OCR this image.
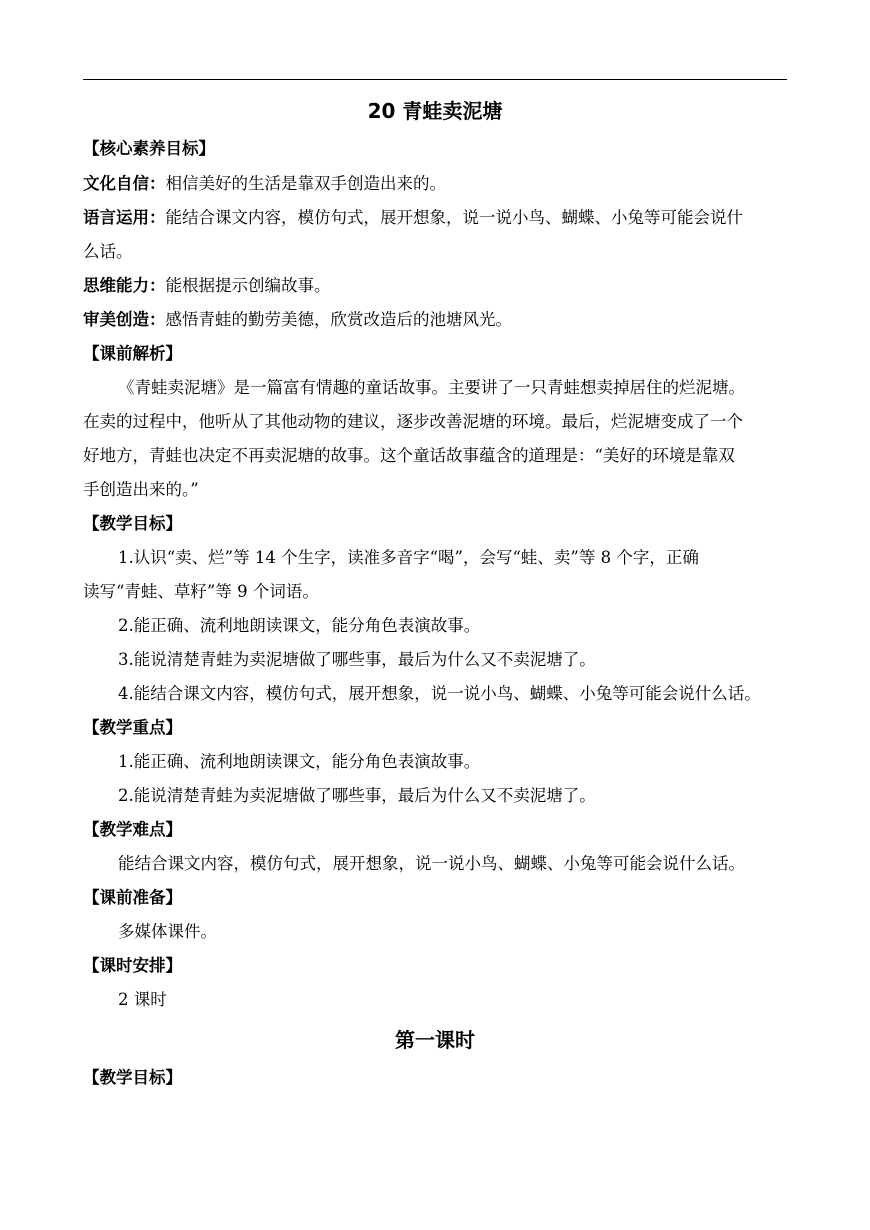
20 青蛙卖泥塘
【核心素养目标】
文化自信：相信美好的生活是靠双手创造出来的。
语言运用：能结合课文内容，模仿句式，展开想象，说一说小鸟、蝴蝶、小兔等可能会说什
么话。
思维能力：能根据提示创编故事。
审美创造：感悟青蛙的勤劳美德，欣赏改造后的池塘风光。
【课前解析】
《青蛙卖泥塘》是一篇富有情趣的童话故事。主要讲了一只青蛙想卖掉居住的烂泥塘。
在卖的过程中，他听从了其他动物的建议，逐步改善泥塘的环境。最后，烂泥塘变成了一个
好地方，青蛙也决定不再卖泥塘的故事。这个童话故事蕴含的道理是：“美好的环境是靠双
手创造出来的。”
【教学目标】
1.认识“卖、烂”等 14 个生字，读准多音字“喝”，会写“蛙、卖”等 8 个字，正确
读写“青蛙、草籽”等 9 个词语。
2.能正确、流利地朗读课文，能分角色表演故事。
3.能说清楚青蛙为卖泥塘做了哪些事，最后为什么又不卖泥塘了。
4.能结合课文内容，模仿句式，展开想象，说一说小鸟、蝴蝶、小兔等可能会说什么话。
【教学重点】
1.能正确、流利地朗读课文，能分角色表演故事。
2.能说清楚青蛙为卖泥塘做了哪些事，最后为什么又不卖泥塘了。
【教学难点】
能结合课文内容，模仿句式，展开想象，说一说小鸟、蝴蝶、小兔等可能会说什么话。
【课前准备】
多媒体课件。
【课时安排】
2 课时
第一课时
【教学目标】
